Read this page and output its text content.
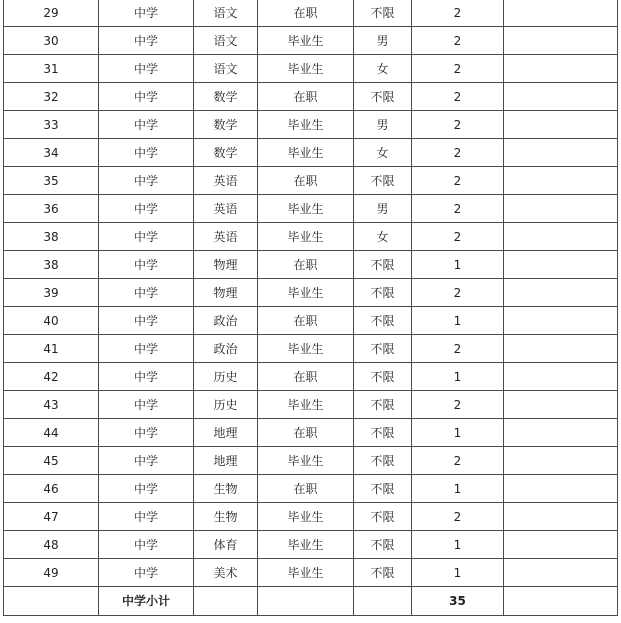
29	中学	语文	在职	不限	2	
30	中学	语文	毕业生	男	2	
31	中学	语文	毕业生	女	2	
32	中学	数学	在职	不限	2	
33	中学	数学	毕业生	男	2	
34	中学	数学	毕业生	女	2	
35	中学	英语	在职	不限	2	
36	中学	英语	毕业生	男	2	
38	中学	英语	毕业生	女	2	
38	中学	物理	在职	不限	1	
39	中学	物理	毕业生	不限	2	
40	中学	政治	在职	不限	1	
41	中学	政治	毕业生	不限	2	
42	中学	历史	在职	不限	1	
43	中学	历史	毕业生	不限	2	
44	中学	地理	在职	不限	1	
45	中学	地理	毕业生	不限	2	
46	中学	生物	在职	不限	1	
47	中学	生物	毕业生	不限	2	
48	中学	体育	毕业生	不限	1	
49	中学	美术	毕业生	不限	1	
	中学小计				35	
